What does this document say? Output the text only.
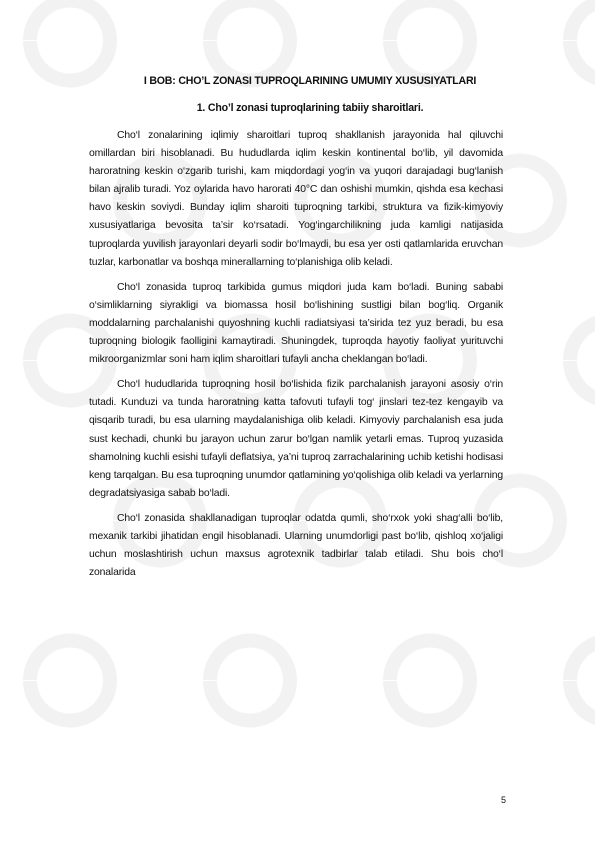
I BOB: CHO’L ZONASI TUPROQLARINING UMUMIY XUSUSIYATLARI
1. Cho’l zonasi tuproqlarining tabiiy sharoitlari.

Cho‘l zonalarining iqlimiy sharoitlari tuproq shakllanish jarayonida hal qiluvchi omillardan biri hisoblanadi. Bu hududlarda iqlim keskin kontinental bo‘lib, yil davomida haroratning keskin o‘zgarib turishi, kam miqdordagi yog‘in va yuqori darajadagi bug‘lanish bilan ajralib turadi. Yoz oylarida havo harorati 40°C dan oshishi mumkin, qishda esa kechasi havo keskin soviydi. Bunday iqlim sharoiti tuproqning tarkibi, struktura va fizik-kimyoviy xususiyatlariga bevosita ta’sir ko‘rsatadi. Yog‘ingarchilikning juda kamligi natijasida tuproqlarda yuvilish jarayonlari deyarli sodir bo‘lmaydi, bu esa yer osti qatlamlarida eruvchan tuzlar, karbonatlar va boshqa minerallarning to‘planishiga olib keladi.

Cho‘l zonasida tuproq tarkibida gumus miqdori juda kam bo‘ladi. Buning sababi o‘simliklarning siyrakligi va biomassa hosil bo‘lishining sustligi bilan bog‘liq. Organik moddalarning parchalanishi quyoshning kuchli radiatsiyasi ta’sirida tez yuz beradi, bu esa tuproqning biologik faolligini kamaytiradi. Shuningdek, tuproqda hayotiy faoliyat yurituvchi mikroorganizmlar soni ham iqlim sharoitlari tufayli ancha cheklangan bo‘ladi.

Cho‘l hududlarida tuproqning hosil bo‘lishida fizik parchalanish jarayoni asosiy o‘rin tutadi. Kunduzi va tunda haroratning katta tafovuti tufayli tog‘ jinslari tez-tez kengayib va qisqarib turadi, bu esa ularning maydalanishiga olib keladi. Kimyoviy parchalanish esa juda sust kechadi, chunki bu jarayon uchun zarur bo‘lgan namlik yetarli emas. Tuproq yuzasida shamolning kuchli esishi tufayli deflatsiya, ya’ni tuproq zarrachalarining uchib ketishi hodisasi keng tarqalgan. Bu esa tuproqning unumdor qatlamining yo‘qolishiga olib keladi va yerlarning degradatsiyasiga sabab bo‘ladi.

Cho‘l zonasida shakllanadigan tuproqlar odatda qumli, sho‘rxok yoki shag‘alli bo‘lib, mexanik tarkibi jihatidan engil hisoblanadi. Ularning unumdorligi past bo‘lib, qishloq xo‘jaligi uchun moslashtirish uchun maxsus agrotexnik tadbirlar talab etiladi. Shu bois cho‘l zonalarida

5
